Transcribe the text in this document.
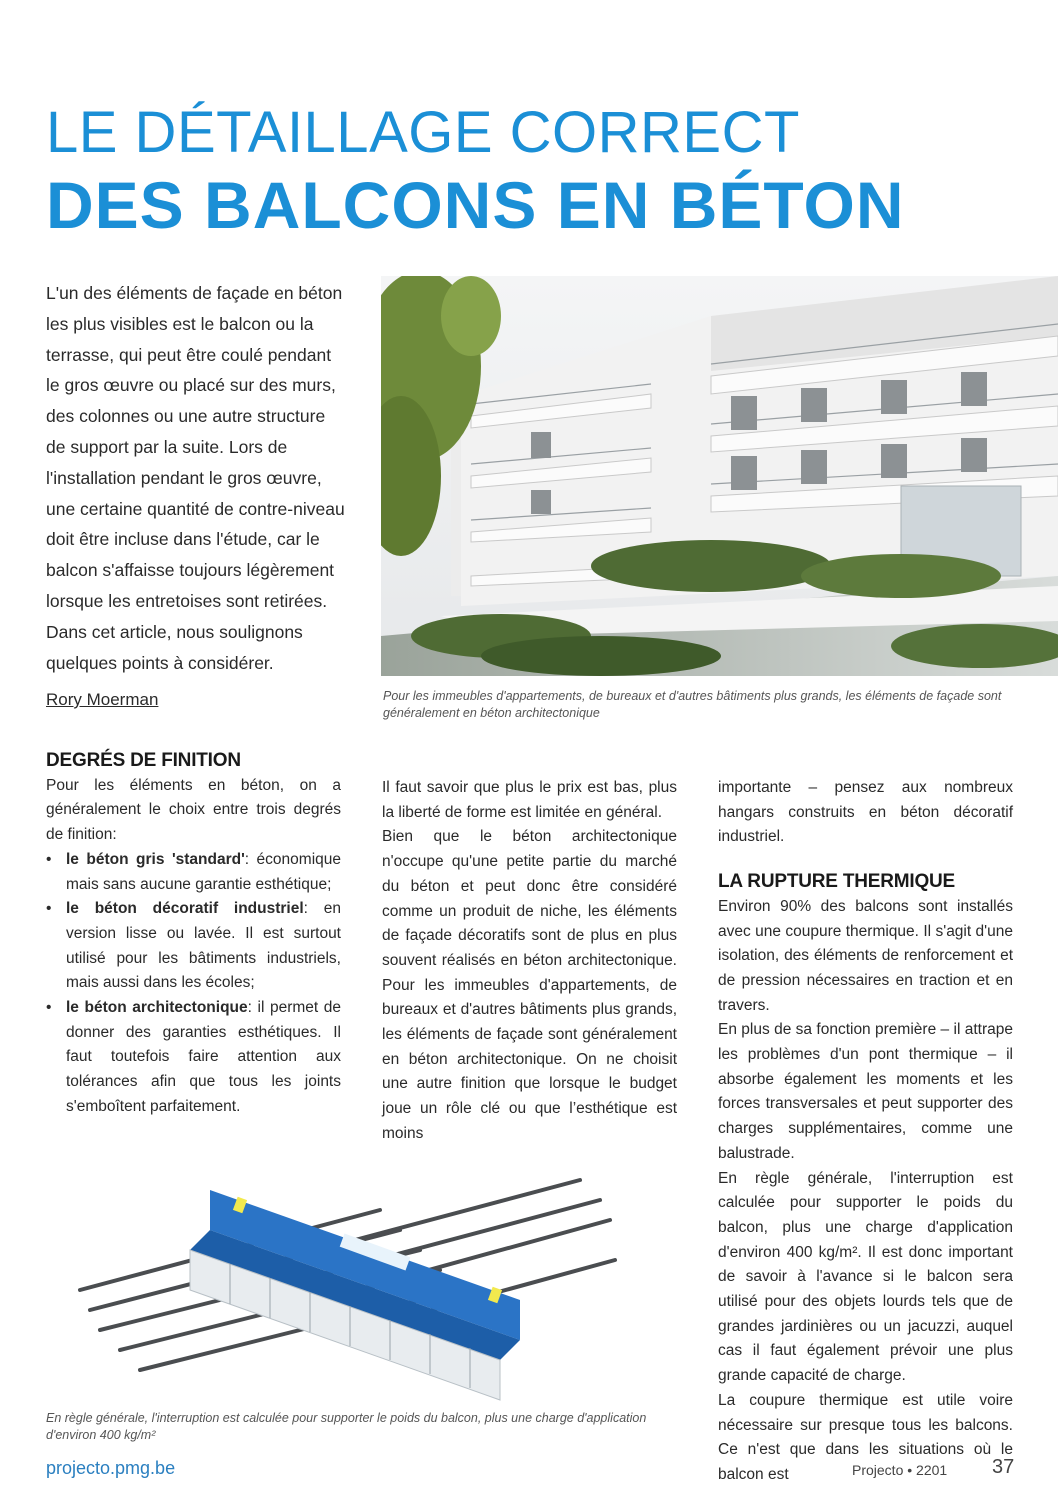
LE DÉTAILLAGE CORRECT
DES BALCONS EN BÉTON
L'un des éléments de façade en béton les plus visibles est le balcon ou la terrasse, qui peut être coulé pendant le gros œuvre ou placé sur des murs, des colonnes ou une autre structure de support par la suite. Lors de l'installation pendant le gros œuvre, une certaine quantité de contre-niveau doit être incluse dans l'étude, car le balcon s'affaisse toujours légèrement lorsque les entretoises sont retirées. Dans cet article, nous soulignons quelques points à considérer.
Rory Moerman	Pour les immeubles d'appartements, de bureaux et d'autres bâtiments plus grands, les éléments de façade sont généralement en béton architectonique
DEGRÉS DE FINITION

Pour les éléments en béton, on a généralement le choix entre trois degrés de finition:

• le béton gris 'standard': économique mais sans aucune garantie esthétique;
• le béton décoratif industriel: en version lisse ou lavée. Il est surtout utilisé pour les bâtiments industriels, mais aussi dans les écoles;
• le béton architectonique: il permet de donner des garanties esthétiques. Il faut toutefois faire attention aux tolérances afin que tous les joints s'emboîtent parfaitement.

Il faut savoir que plus le prix est bas, plus la liberté de forme est limitée en général.

Bien que le béton architectonique n'occupe qu'une petite partie du marché du béton et peut donc être considéré comme un produit de niche, les éléments de façade décoratifs sont de plus en plus souvent réalisés en béton architectonique. Pour les immeubles d'appartements, de bureaux et d'autres bâtiments plus grands, les éléments de façade sont généralement en béton architectonique. On ne choisit une autre finition que lorsque le budget joue un rôle clé ou que l’esthétique est moins

importante – pensez aux nombreux hangars construits en béton décoratif industriel.

LA RUPTURE THERMIQUE

Environ 90% des balcons sont installés avec une coupure thermique. Il s'agit d'une isolation, des éléments de renforcement et de pression nécessaires en traction et en travers.

En plus de sa fonction première – il attrape les problèmes d'un pont thermique – il absorbe également les moments et les forces transversales et peut supporter des charges supplémentaires, comme une balustrade.

En règle générale, l'interruption est calculée pour supporter le poids du balcon, plus une charge d'application d'environ 400 kg/m². Il est donc important de savoir à l'avance si le balcon sera utilisé pour des objets lourds tels que de grandes jardinières ou un jacuzzi, auquel cas il faut également prévoir une plus grande capacité de charge.

La coupure thermique est utile voire nécessaire sur presque tous les balcons. Ce n'est que dans les situations où le balcon est

En règle générale, l'interruption est calculée pour supporter le poids du balcon, plus une charge d'application d'environ 400 kg/m²
projecto.pmg.be	Projecto • 2201 37
